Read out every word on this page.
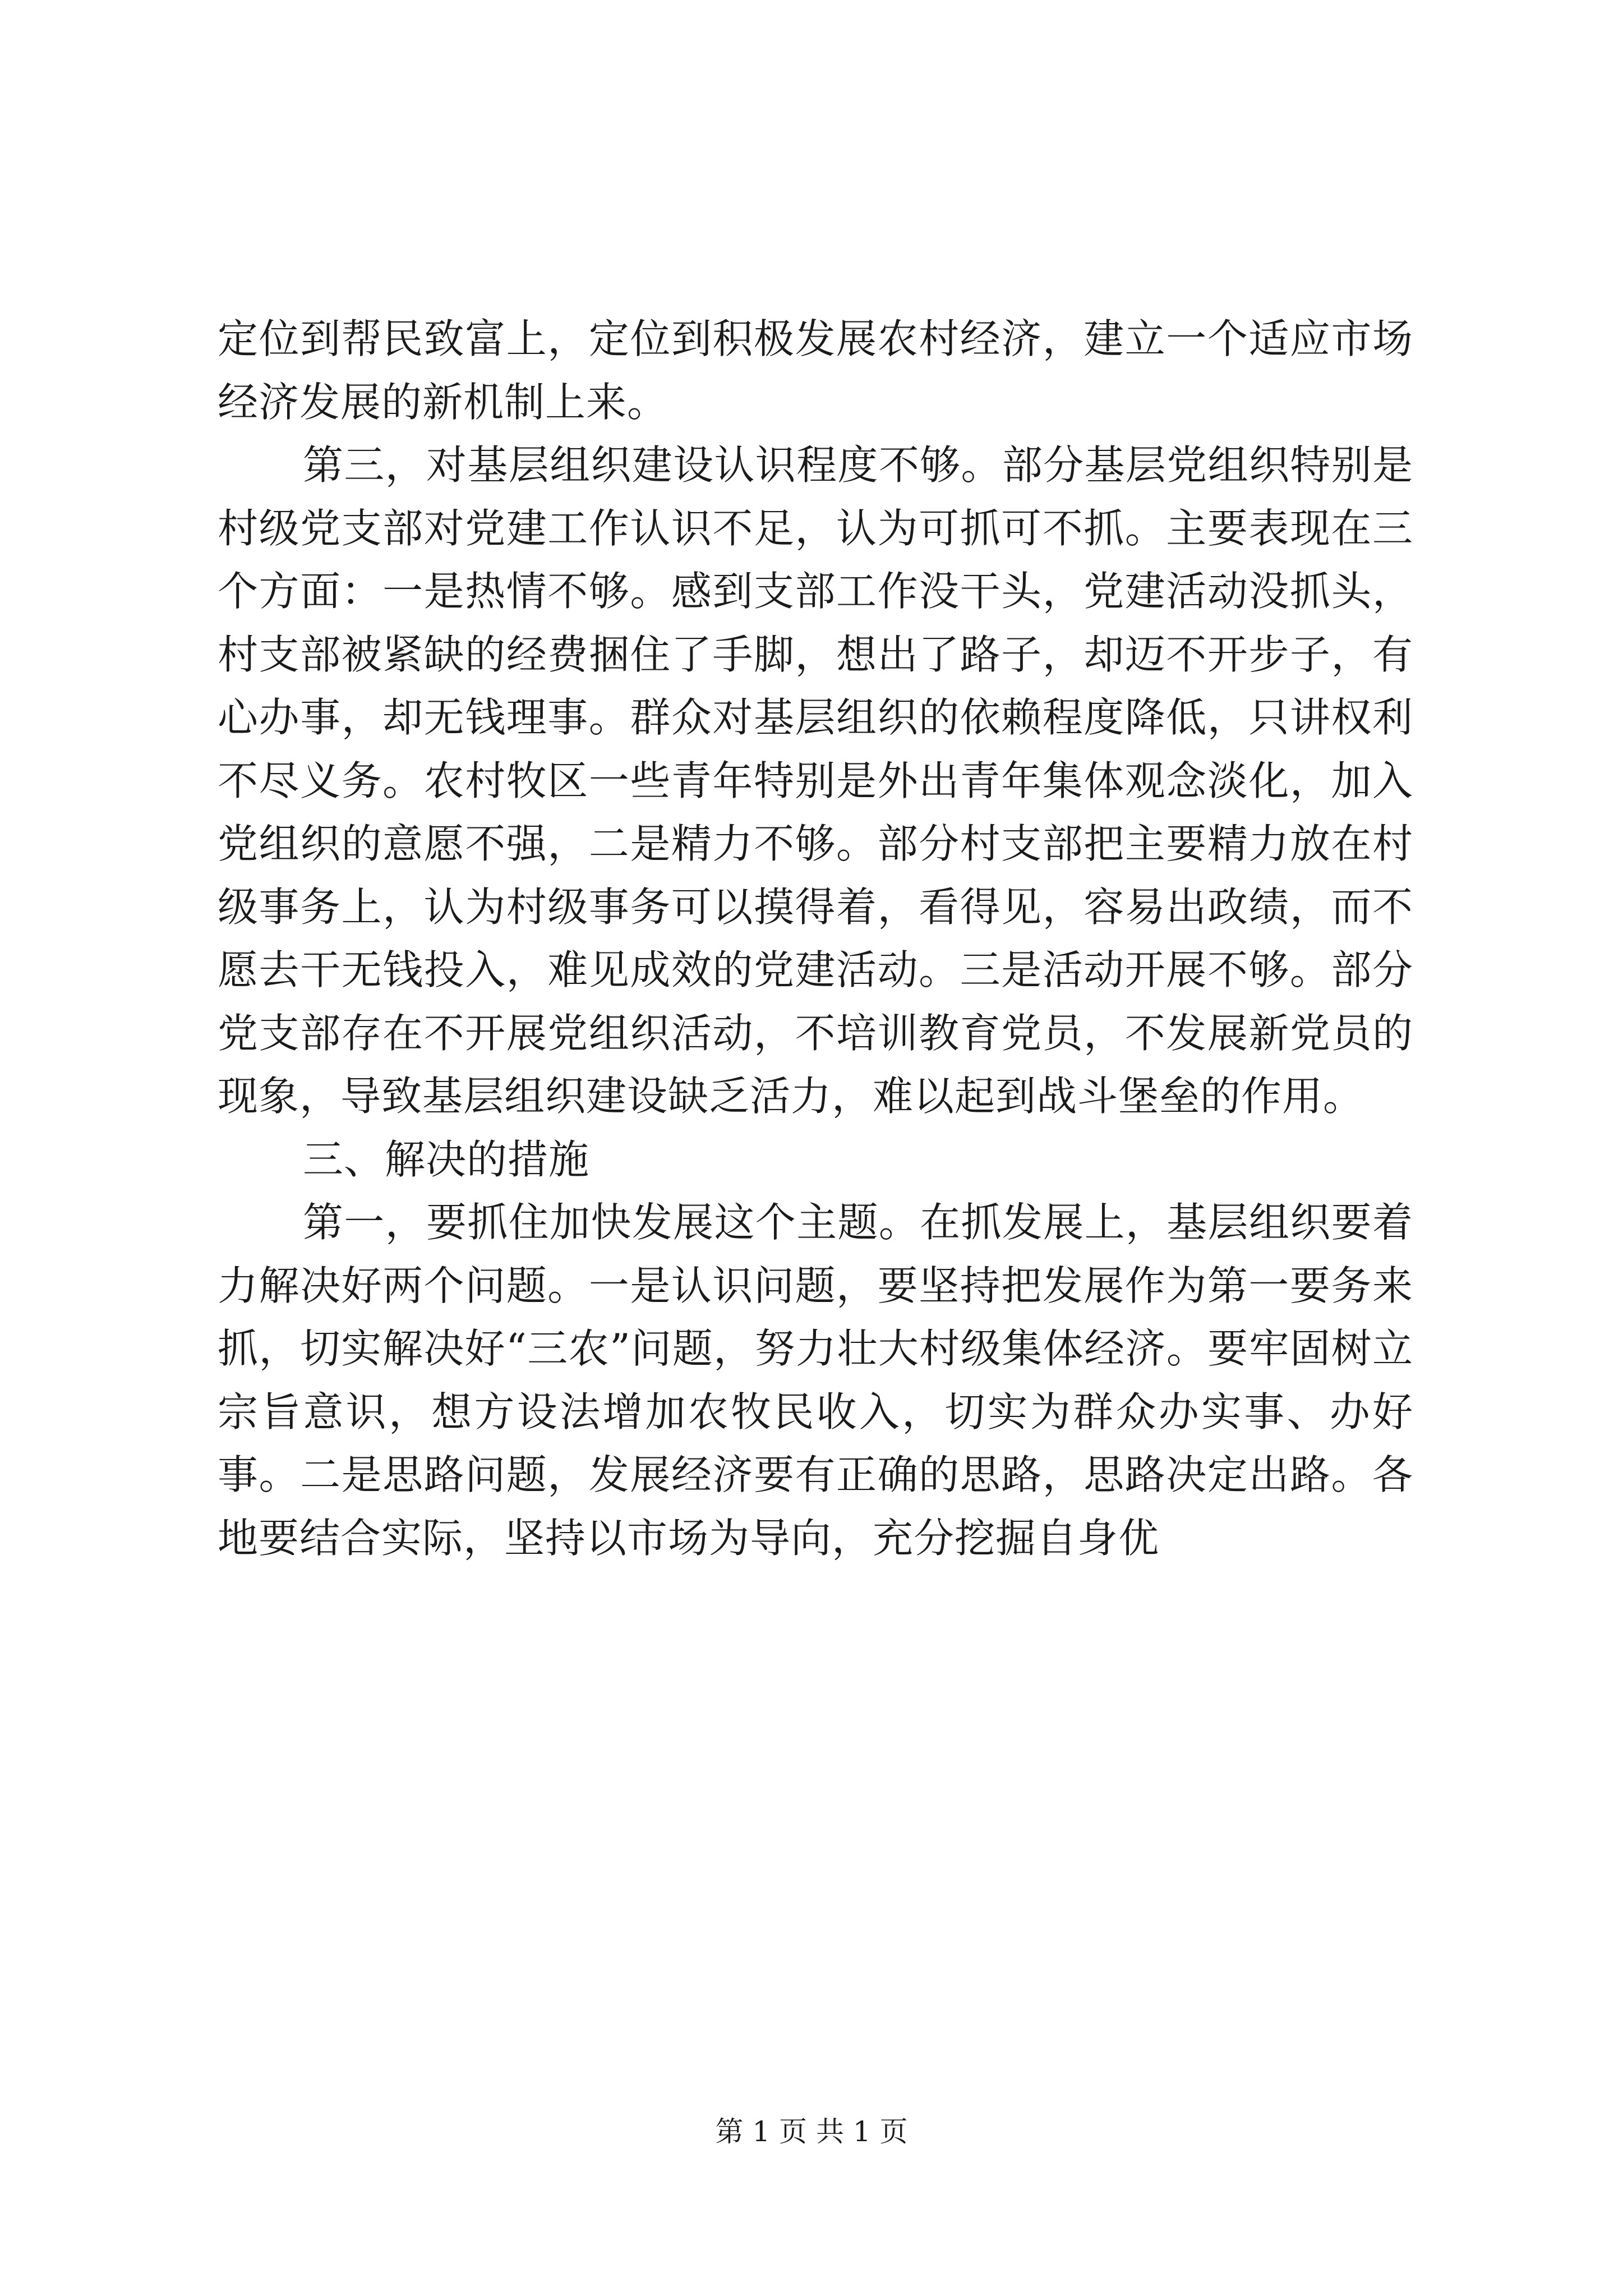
定位到帮民致富上，定位到积极发展农村经济，建立一个适应市场经济发展的新机制上来。

第三，对基层组织建设认识程度不够。部分基层党组织特别是村级党支部对党建工作认识不足，认为可抓可不抓。主要表现在三个方面：一是热情不够。感到支部工作没干头，党建活动没抓头，村支部被紧缺的经费捆住了手脚，想出了路子，却迈不开步子，有心办事，却无钱理事。群众对基层组织的依赖程度降低，只讲权利不尽义务。农村牧区一些青年特别是外出青年集体观念淡化，加入党组织的意愿不强，二是精力不够。部分村支部把主要精力放在村级事务上，认为村级事务可以摸得着，看得见，容易出政绩，而不愿去干无钱投入，难见成效的党建活动。三是活动开展不够。部分党支部存在不开展党组织活动，不培训教育党员，不发展新党员的现象，导致基层组织建设缺乏活力，难以起到战斗堡垒的作用。

三、解决的措施

第一，要抓住加快发展这个主题。在抓发展上，基层组织要着力解决好两个问题。一是认识问题，要坚持把发展作为第一要务来抓，切实解决好“三农”问题，努力壮大村级集体经济。要牢固树立宗旨意识，想方设法增加农牧民收入，切实为群众办实事、办好事。二是思路问题，发展经济要有正确的思路，思路决定出路。各地要结合实际，坚持以市场为导向，充分挖掘自身优

第 1 页 共 1 页
